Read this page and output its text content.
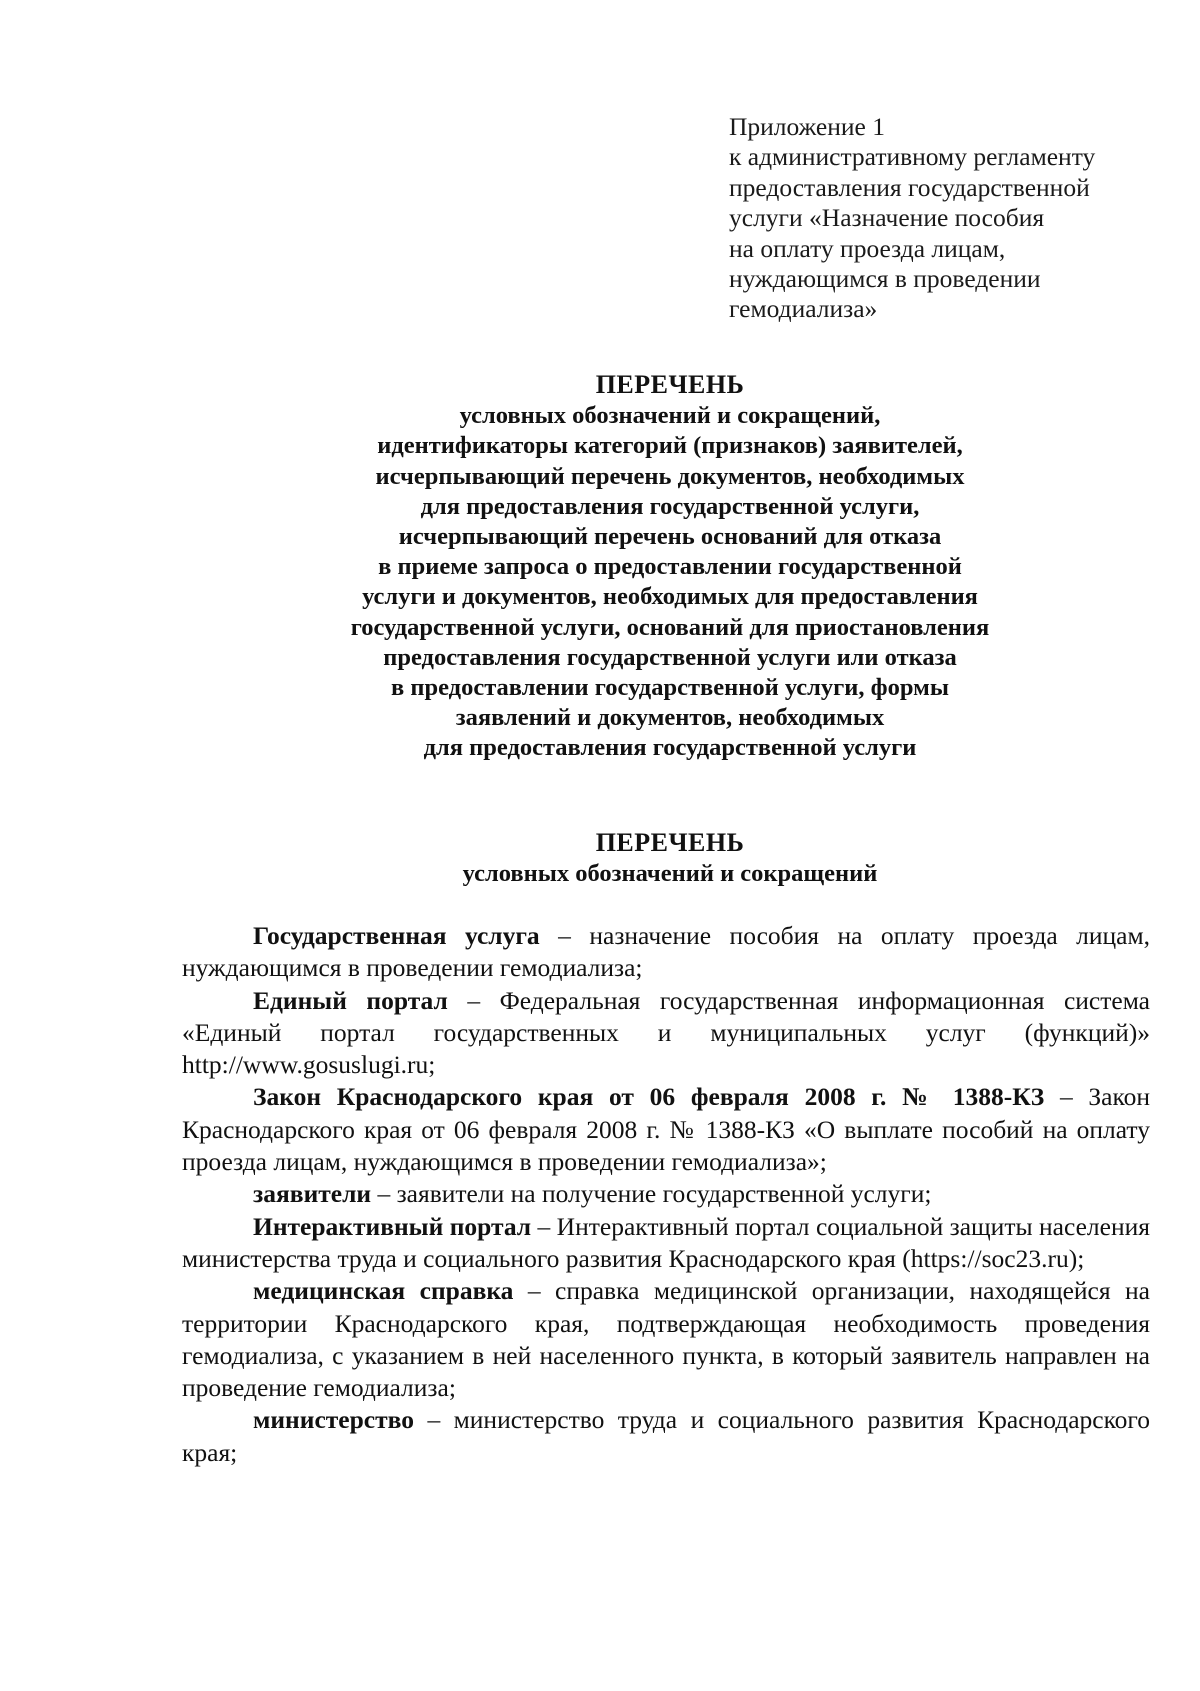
Приложение 1
к административному регламенту
предоставления государственной
услуги «Назначение пособия
на оплату проезда лицам,
нуждающимся в проведении
гемодиализа»
ПЕРЕЧЕНЬ
условных обозначений и сокращений,
идентификаторы категорий (признаков) заявителей,
исчерпывающий перечень документов, необходимых
для предоставления государственной услуги,
исчерпывающий перечень оснований для отказа
в приеме запроса о предоставлении государственной
услуги и документов, необходимых для предоставления
государственной услуги, оснований для приостановления
предоставления государственной услуги или отказа
в предоставлении государственной услуги, формы
заявлений и документов, необходимых
для предоставления государственной услуги
ПЕРЕЧЕНЬ
условных обозначений и сокращений

Государственная услуга – назначение пособия на оплату проезда лицам, нуждающимся в проведении гемодиализа;

Единый портал – Федеральная государственная информационная система «Единый портал государственных и муниципальных услуг (функций)» http://www.gosuslugi.ru;

Закон Краснодарского края от 06 февраля 2008 г. № 1388-КЗ – Закон Краснодарского края от 06 февраля 2008 г. № 1388-КЗ «О выплате пособий на оплату проезда лицам, нуждающимся в проведении гемодиализа»;

заявители – заявители на получение государственной услуги;

Интерактивный портал – Интерактивный портал социальной защиты населения министерства труда и социального развития Краснодарского края (https://soc23.ru);

медицинская справка – справка медицинской организации, находящейся на территории Краснодарского края, подтверждающая необходимость проведения гемодиализа, с указанием в ней населенного пункта, в который заявитель направлен на проведение гемодиализа;

министерство – министерство труда и социального развития Краснодарского края;
